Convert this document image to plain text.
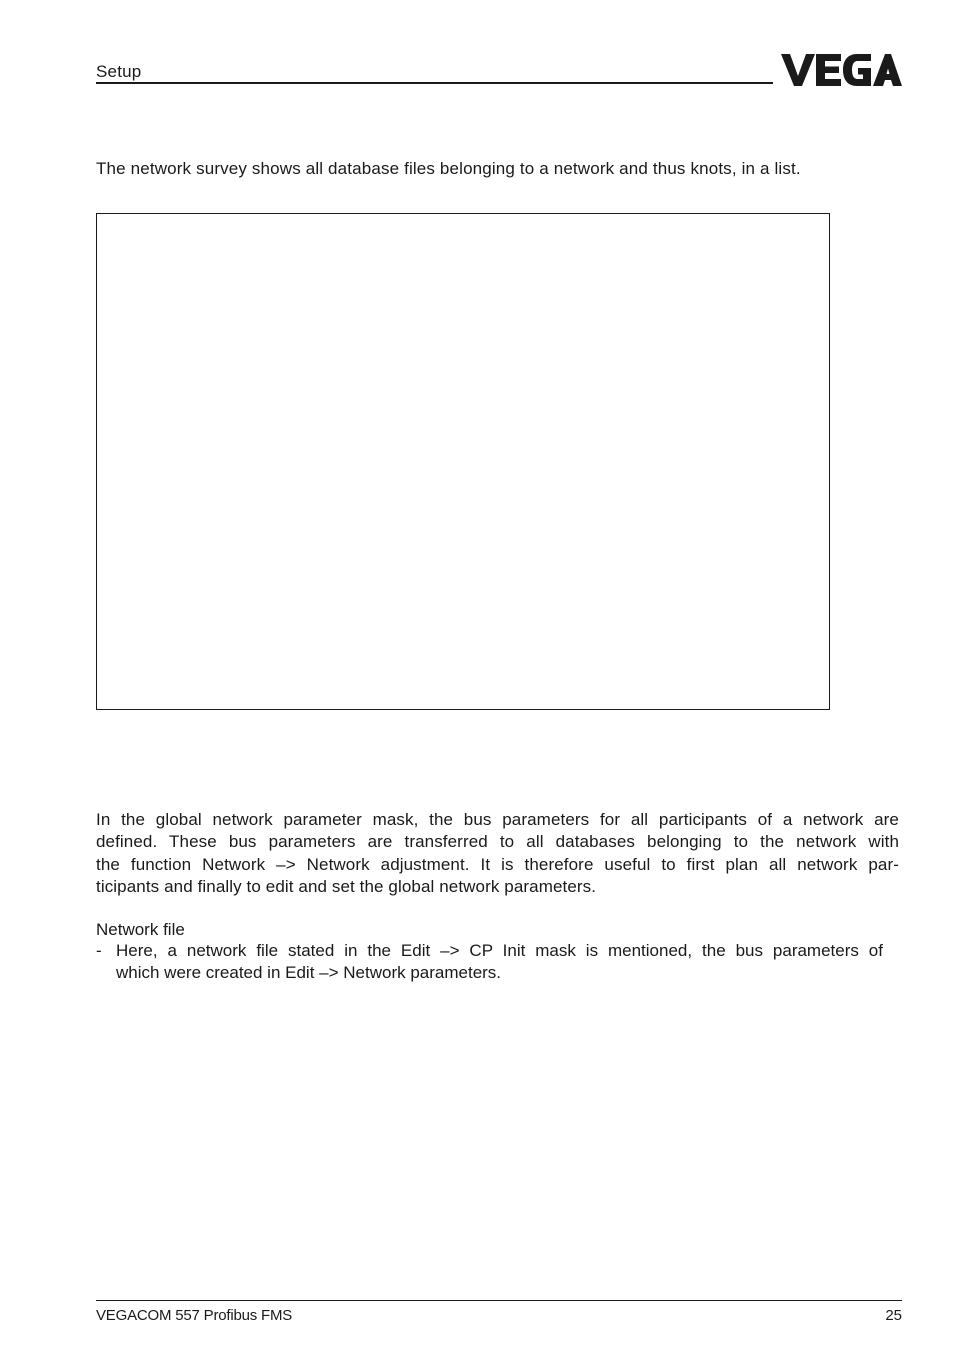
Setup
The network survey shows all database files belonging to a network and thus knots, in a list.
In the global network parameter mask, the bus parameters for all participants of a network are
defined. These bus parameters are transferred to all databases belonging to the network with
the function Network –> Network adjustment. It is therefore useful to first plan all network par-
ticipants and finally to edit and set the global network parameters.
Network file
- Here, a network file stated in the Edit –> CP Init mask is mentioned, the bus parameters of
which were created in Edit –> Network parameters.
VEGACOM 557 Profibus FMS	25
